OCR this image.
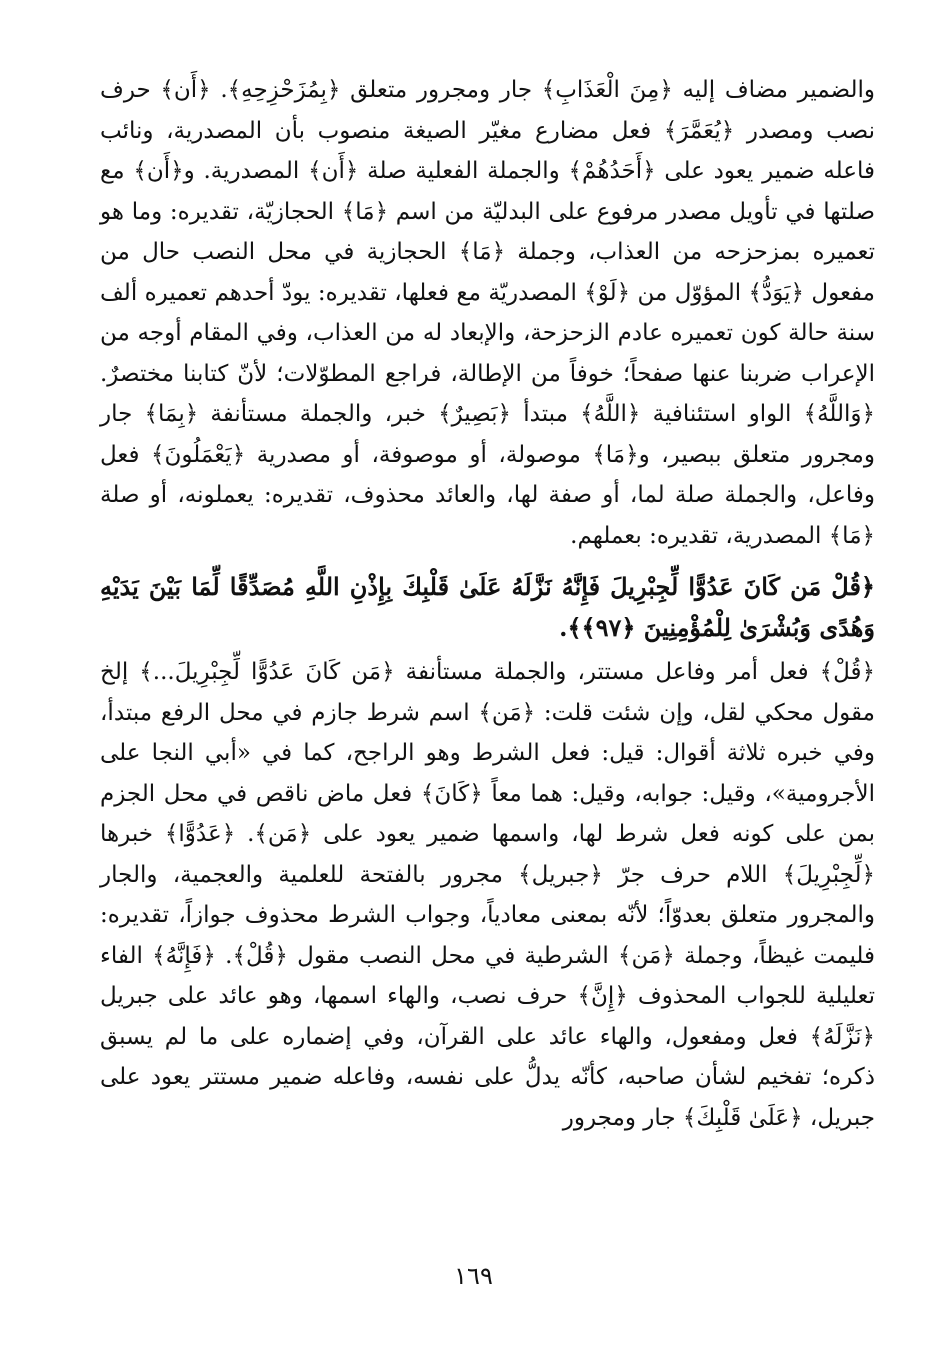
والضمير مضاف إليه ﴿مِنَ الْعَذَابِ﴾ جار ومجرور متعلق ﴿بِمُزَحْزِحِهِ﴾. ﴿أَن﴾ حرف نصب ومصدر ﴿يُعَمَّرَ﴾ فعل مضارع مغيّر الصيغة منصوب بأن المصدرية، ونائب فاعله ضمير يعود على ﴿أَحَدُهُمْ﴾ والجملة الفعلية صلة ﴿أَن﴾ المصدرية. و﴿أَن﴾ مع صلتها في تأويل مصدر مرفوع على البدليّة من اسم ﴿مَا﴾ الحجازيّة، تقديره: وما هو تعميره بمزحزحه من العذاب، وجملة ﴿مَا﴾ الحجازية في محل النصب حال من مفعول ﴿يَوَدُّ﴾ المؤوّل من ﴿لَوْ﴾ المصدريّة مع فعلها، تقديره: يودّ أحدهم تعميره ألف سنة حالة كون تعميره عادم الزحزحة، والإبعاد له من العذاب، وفي المقام أوجه من الإعراب ضربنا عنها صفحاً؛ خوفاً من الإطالة، فراجع المطوّلات؛ لأنّ كتابنا مختصرٌ. ﴿وَاللَّهُ﴾ الواو استئنافية ﴿اللَّهُ﴾ مبتدأ ﴿بَصِيرٌ﴾ خبر، والجملة مستأنفة ﴿بِمَا﴾ جار ومجرور متعلق ببصير، و﴿مَا﴾ موصولة، أو موصوفة، أو مصدرية ﴿يَعْمَلُونَ﴾ فعل وفاعل، والجملة صلة لما، أو صفة لها، والعائد محذوف، تقديره: يعملونه، أو صلة ﴿مَا﴾ المصدرية، تقديره: بعملهم.

﴿قُلْ مَن كَانَ عَدُوًّا لِّجِبْرِيلَ فَإِنَّهُ نَزَّلَهُ عَلَىٰ قَلْبِكَ بِإِذْنِ اللَّهِ مُصَدِّقًا لِّمَا بَيْنَ يَدَيْهِ وَهُدًى وَبُشْرَىٰ لِلْمُؤْمِنِينَ ﴿٩٧﴾﴾.

﴿قُلْ﴾ فعل أمر وفاعل مستتر، والجملة مستأنفة ﴿مَن كَانَ عَدُوًّا لِّجِبْرِيلَ...﴾ إلخ مقول محكي لقل، وإن شئت قلت: ﴿مَن﴾ اسم شرط جازم في محل الرفع مبتدأ، وفي خبره ثلاثة أقوال: قيل: فعل الشرط وهو الراجح، كما في «أبي النجا على الأجرومية»، وقيل: جوابه، وقيل: هما معاً ﴿كَانَ﴾ فعل ماض ناقص في محل الجزم بمن على كونه فعل شرط لها، واسمها ضمير يعود على ﴿مَن﴾. ﴿عَدُوًّا﴾ خبرها ﴿لِّجِبْرِيلَ﴾ اللام حرف جرّ ﴿جبريل﴾ مجرور بالفتحة للعلمية والعجمية، والجار والمجرور متعلق بعدوّاً؛ لأنّه بمعنى معادياً، وجواب الشرط محذوف جوازاً، تقديره: فليمت غيظاً، وجملة ﴿مَن﴾ الشرطية في محل النصب مقول ﴿قُلْ﴾. ﴿فَإِنَّهُ﴾ الفاء تعليلية للجواب المحذوف ﴿إِنَّ﴾ حرف نصب، والهاء اسمها، وهو عائد على جبريل ﴿نَزَّلَهُ﴾ فعل ومفعول، والهاء عائد على القرآن، وفي إضماره على ما لم يسبق ذكره؛ تفخيم لشأن صاحبه، كأنّه يدلُّ على نفسه، وفاعله ضمير مستتر يعود على جبريل، ﴿عَلَىٰ قَلْبِكَ﴾ جار ومجرور

١٦٩
